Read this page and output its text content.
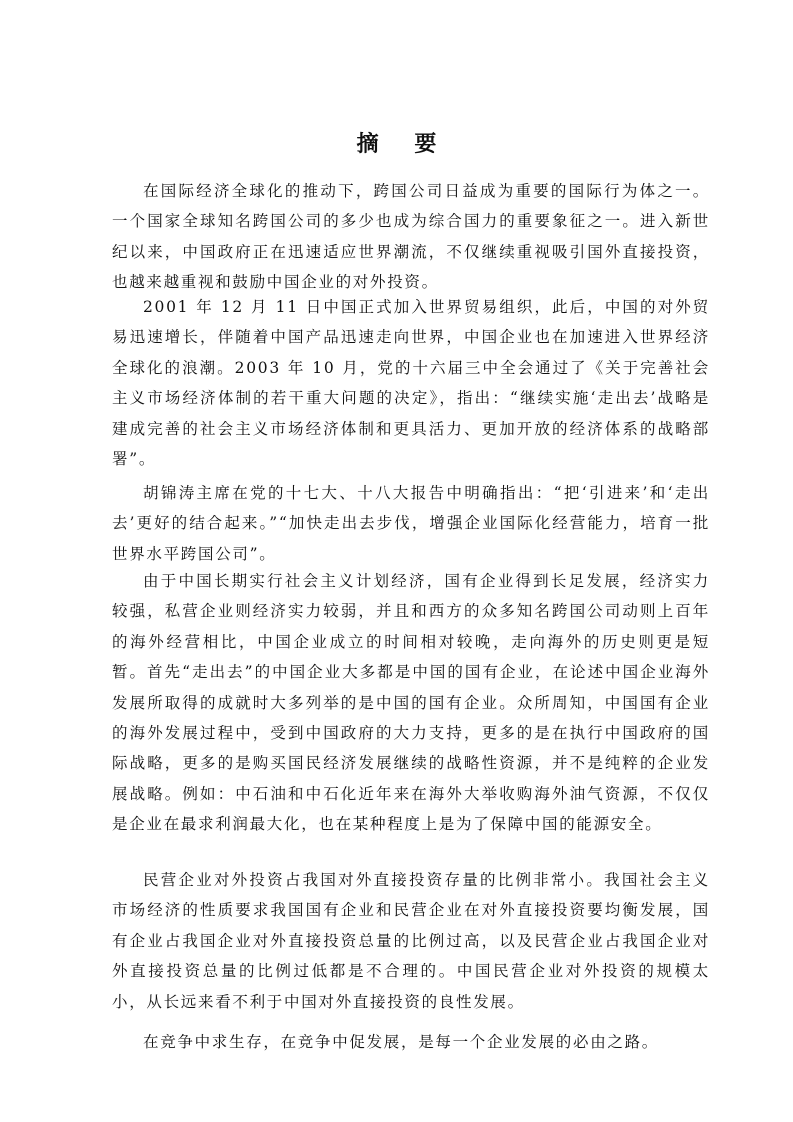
摘 要

在国际经济全球化的推动下，跨国公司日益成为重要的国际行为体之一。一个国家全球知名跨国公司的多少也成为综合国力的重要象征之一。进入新世纪以来，中国政府正在迅速适应世界潮流，不仅继续重视吸引国外直接投资，也越来越重视和鼓励中国企业的对外投资。

2001 年 12 月 11 日中国正式加入世界贸易组织，此后，中国的对外贸易迅速增长，伴随着中国产品迅速走向世界，中国企业也在加速进入世界经济全球化的浪潮。2003 年 10 月，党的十六届三中全会通过了《关于完善社会主义市场经济体制的若干重大问题的决定》，指出：“继续实施‘走出去’战略是建成完善的社会主义市场经济体制和更具活力、更加开放的经济体系的战略部署”。

胡锦涛主席在党的十七大、十八大报告中明确指出：“把‘引进来’和‘走出去’更好的结合起来。”“加快走出去步伐，增强企业国际化经营能力，培育一批世界水平跨国公司”。

由于中国长期实行社会主义计划经济，国有企业得到长足发展，经济实力较强，私营企业则经济实力较弱，并且和西方的众多知名跨国公司动则上百年的海外经营相比，中国企业成立的时间相对较晚，走向海外的历史则更是短暂。首先“走出去”的中国企业大多都是中国的国有企业，在论述中国企业海外发展所取得的成就时大多列举的是中国的国有企业。众所周知，中国国有企业的海外发展过程中，受到中国政府的大力支持，更多的是在执行中国政府的国际战略，更多的是购买国民经济发展继续的战略性资源，并不是纯粹的企业发展战略。例如：中石油和中石化近年来在海外大举收购海外油气资源，不仅仅是企业在最求利润最大化，也在某种程度上是为了保障中国的能源安全。

民营企业对外投资占我国对外直接投资存量的比例非常小。我国社会主义市场经济的性质要求我国国有企业和民营企业在对外直接投资要均衡发展，国有企业占我国企业对外直接投资总量的比例过高，以及民营企业占我国企业对外直接投资总量的比例过低都是不合理的。中国民营企业对外投资的规模太小，从长远来看不利于中国对外直接投资的良性发展。

在竞争中求生存，在竞争中促发展，是每一个企业发展的必由之路。
